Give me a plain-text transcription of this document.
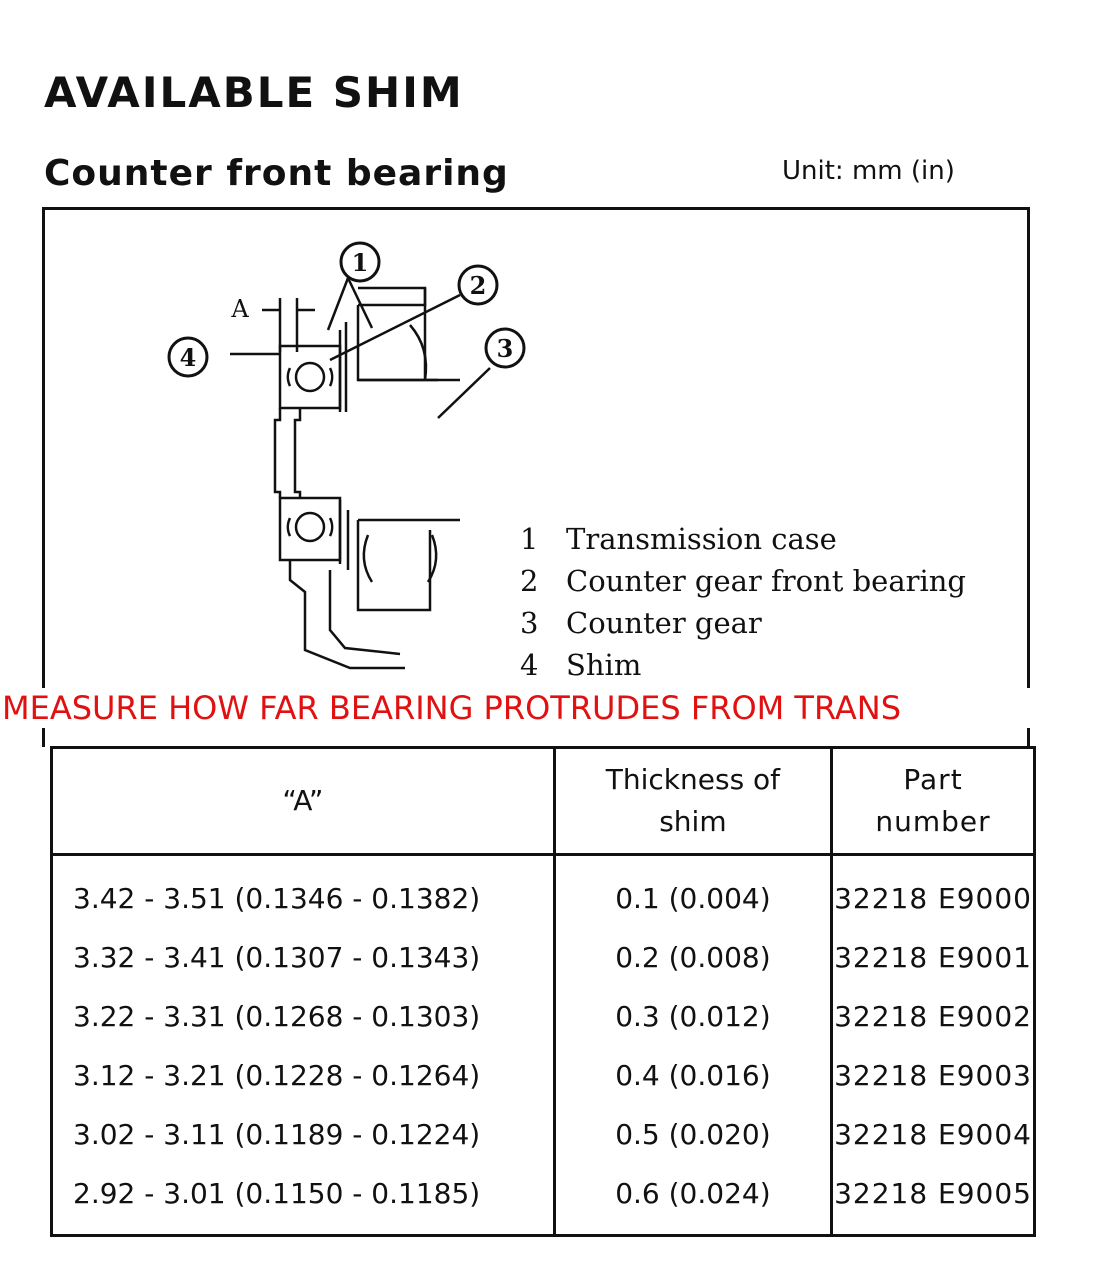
AVAILABLE SHIM
Counter front bearing	Unit: mm (in)
1
2
3
4
A
1 Transmission case
2 Counter gear front bearing
3 Counter gear
4 Shim
MEASURE HOW FAR BEARING PROTRUDES FROM TRANS
“A”	Thickness of shim	Part number
3.42 - 3.51 (0.1346 - 0.1382)	0.1 (0.004)	32218 E9000
3.32 - 3.41 (0.1307 - 0.1343)	0.2 (0.008)	32218 E9001
3.22 - 3.31 (0.1268 - 0.1303)	0.3 (0.012)	32218 E9002
3.12 - 3.21 (0.1228 - 0.1264)	0.4 (0.016)	32218 E9003
3.02 - 3.11 (0.1189 - 0.1224)	0.5 (0.020)	32218 E9004
2.92 - 3.01 (0.1150 - 0.1185)	0.6 (0.024)	32218 E9005
